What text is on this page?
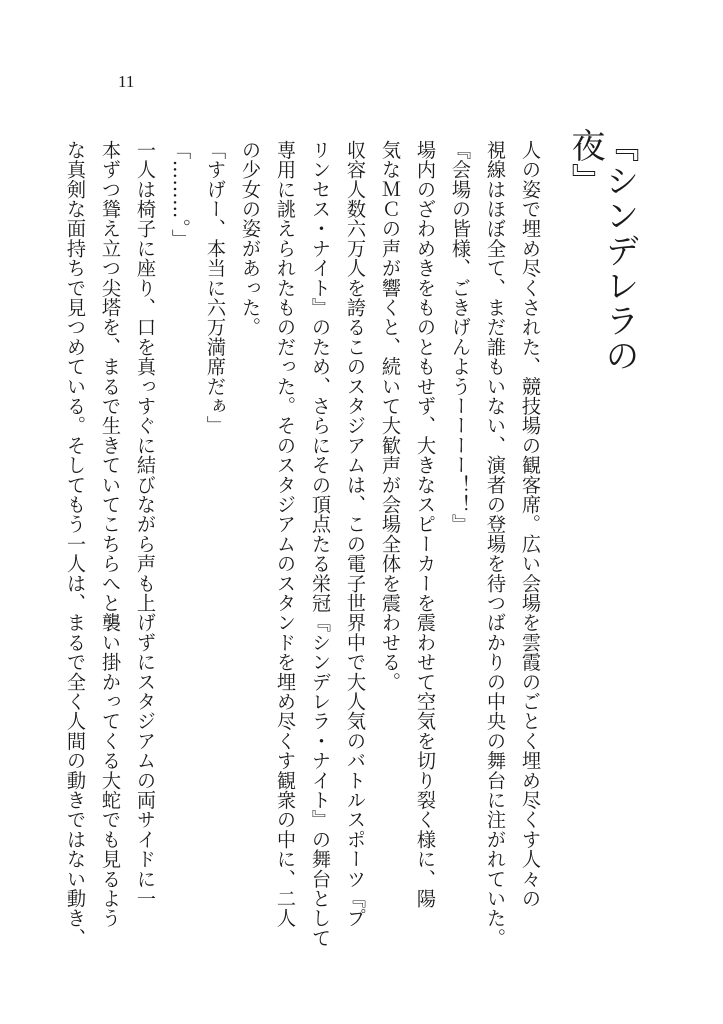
11
『シンデレラの夜』

人の姿で埋め尽くされた、競技場の観客席。広い会場を雲霞のごとく埋め尽くす人々の

視線はほぼ全て、まだ誰もいない、演者の登場を待つばかりの中央の舞台に注がれていた。

『会場の皆様、ごきげんようーーーー！！』

場内のざわめきをものともせず、大きなスピーカーを震わせて空気を切り裂く様に、陽

気なＭＣの声が響くと、続いて大歓声が会場全体を震わせる。

収容人数六万人を誇るこのスタジアムは、この電子世界中で大人気のバトルスポーツ『プ

リンセス・ナイト』のため、さらにその頂点たる栄冠『シンデレラ・ナイト』の舞台として

専用に誂えられたものだった。そのスタジアムのスタンドを埋め尽くす観衆の中に、二人

の少女の姿があった。

「すげー、本当に六万満席だぁ」

「………。」

一人は椅子に座り、口を真っすぐに結びながら声も上げずにスタジアムの両サイドに一

本ずつ聳え立つ尖塔を、まるで生きていてこちらへと襲い掛かってくる大蛇でも見るよう

な真剣な面持ちで見つめている。そしてもう一人は、まるで全く人間の動きではない動き、
